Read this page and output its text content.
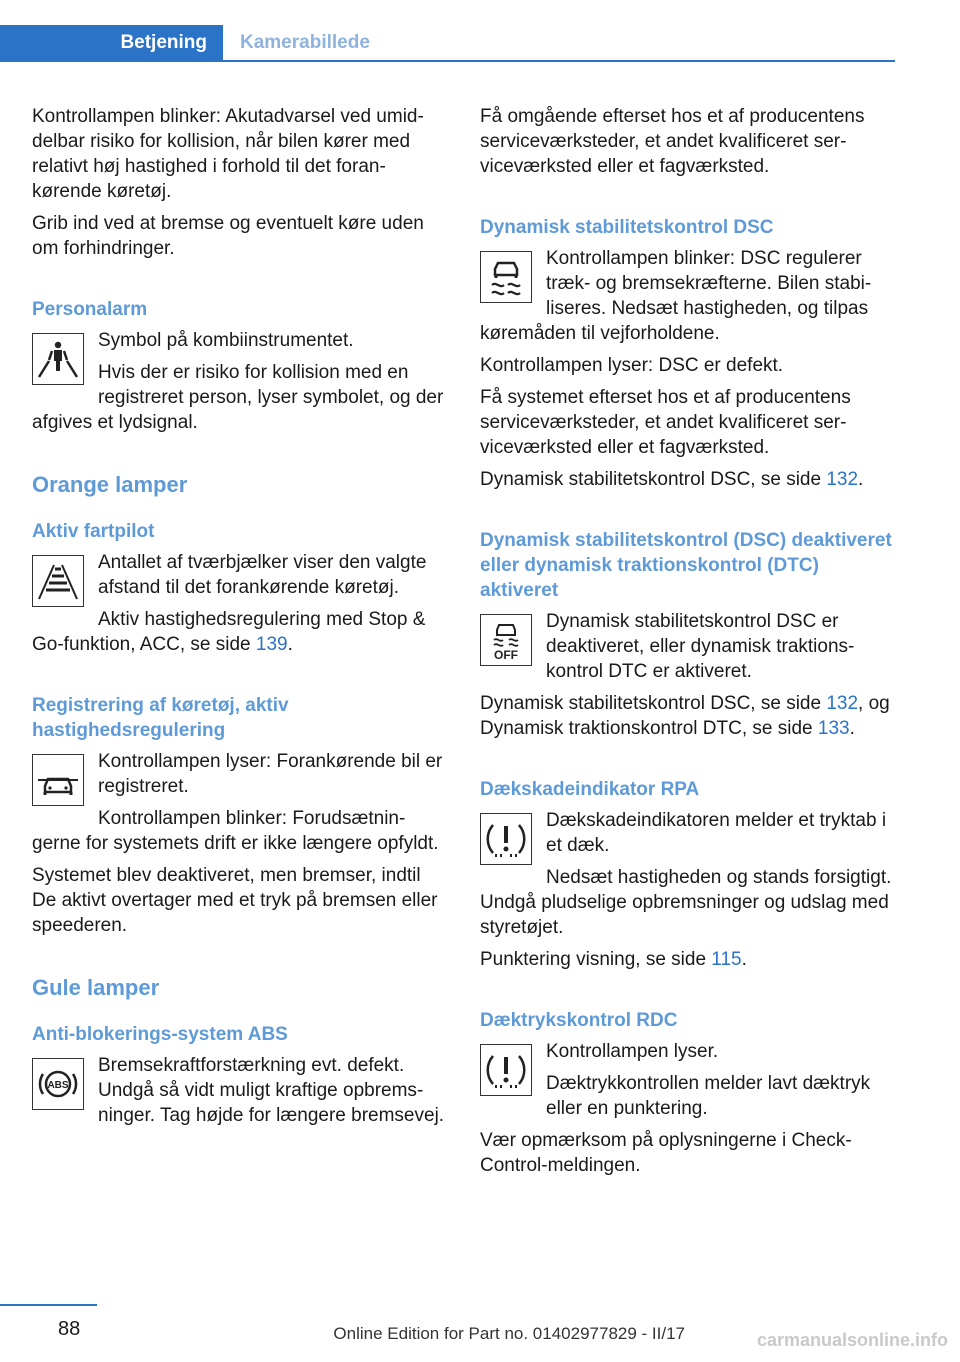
Betjening	Kamerabillede

Kontrollampen blinker: Akutadvarsel ved umiddelbar risiko for kollision, når bilen kører med relativt høj hastighed i forhold til det forankørende køretøj.

Grib ind ved at bremse og eventuelt køre uden om forhindringer.

Personalarm

Symbol på kombiinstrumentet.

Hvis der er risiko for kollision med en registreret person, lyser symbolet, og der afgives et lydsignal.

Orange lamper
Aktiv fartpilot

Antallet af tværbjælker viser den valgte afstand til det forankørende køretøj.

Aktiv hastighedsregulering med Stop & Go-funktion, ACC, se side 139.

Registrering af køretøj, aktiv hastighedsregulering

Kontrollampen lyser: Forankørende bil er registreret.

Kontrollampen blinker: Forudsætningerne for systemets drift er ikke længere opfyldt.

Systemet blev deaktiveret, men bremser, indtil De aktivt overtager med et tryk på bremsen eller speederen.

Gule lamper
Anti-blokerings-system ABS
ABS

Bremsekraftforstærkning evt. defekt. Undgå så vidt muligt kraftige opbremsninger. Tag højde for længere bremsevej.

Få omgående efterset hos et af producentens serviceværksteder, et andet kvalificeret serviceværksted eller et fagværksted.

Dynamisk stabilitetskontrol DSC

Kontrollampen blinker: DSC regulerer træk- og bremsekræfterne. Bilen stabiliseres. Nedsæt hastigheden, og tilpas køremåden til vejforholdene.

Kontrollampen lyser: DSC er defekt.

Få systemet efterset hos et af producentens serviceværksteder, et andet kvalificeret serviceværksted eller et fagværksted.

Dynamisk stabilitetskontrol DSC, se side 132.

Dynamisk stabilitetskontrol (DSC) deaktiveret eller dynamisk traktionskontrol (DTC) aktiveret
OFF

Dynamisk stabilitetskontrol DSC er deaktiveret, eller dynamisk traktionskontrol DTC er aktiveret.

Dynamisk stabilitetskontrol DSC, se side 132, og Dynamisk traktionskontrol DTC, se side 133.

Dækskadeindikator RPA

Dækskadeindikatoren melder et tryktab i et dæk.

Nedsæt hastigheden og stands forsigtigt. Undgå pludselige opbremsninger og udslag med styretøjet.

Punktering visning, se side 115.

Dæktrykskontrol RDC

Kontrollampen lyser.

Dæktrykkontrollen melder lavt dæktryk eller en punktering.

Vær opmærksom på oplysningerne i Check-Control-meldingen.

88	Online Edition for Part no. 01402977829 - II/17	carmanualsonline.info
